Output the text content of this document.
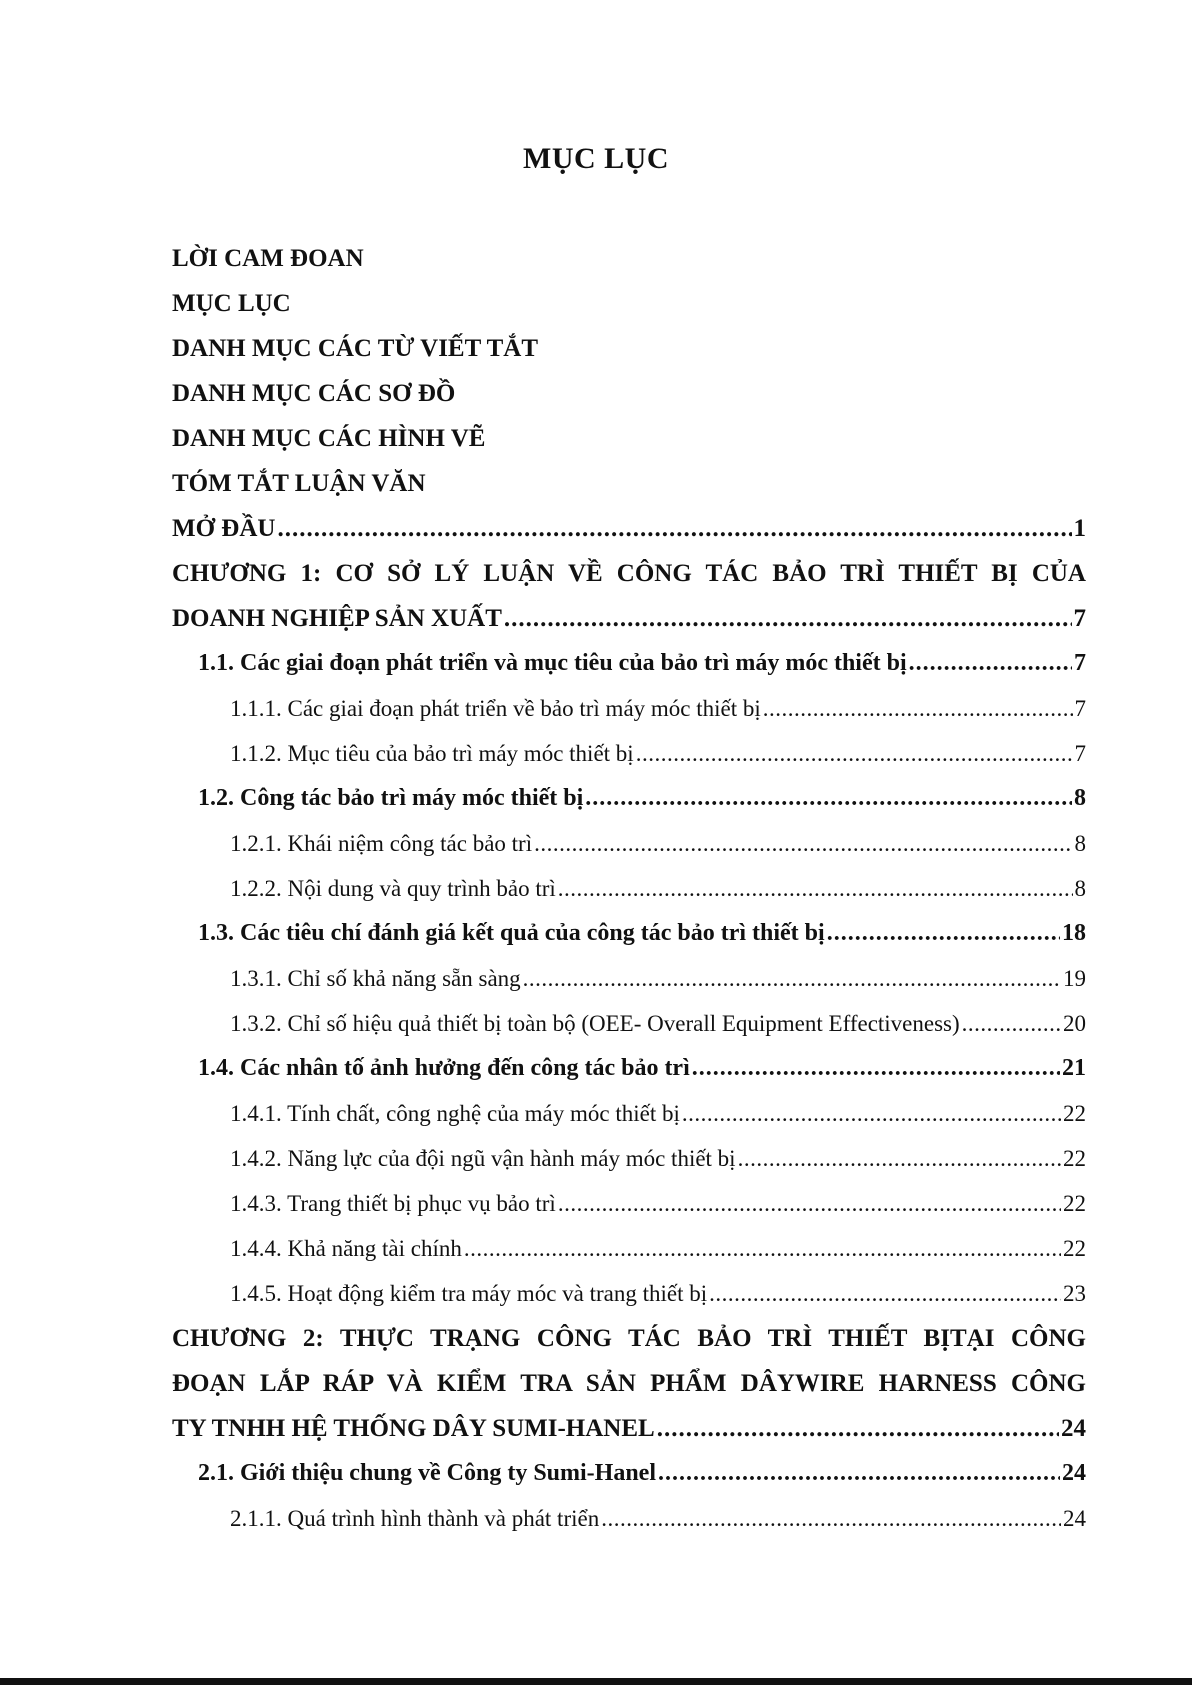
MỤC LỤC
LỜI CAM ĐOAN
MỤC LỤC
DANH MỤC CÁC TỪ VIẾT TẮT
DANH MỤC CÁC SƠ ĐỒ
DANH MỤC CÁC HÌNH VẼ
TÓM TẮT LUẬN VĂN
MỞ ĐẦU .....	1
CHƯƠNG 1: CƠ SỞ LÝ LUẬN VỀ CÔNG TÁC BẢO TRÌ THIẾT BỊ CỦA
DOANH NGHIỆP SẢN XUẤT .....	7
1.1. Các giai đoạn phát triển và mục tiêu của bảo trì máy móc thiết bị .....	7
1.1.1. Các giai đoạn phát triển về bảo trì máy móc thiết bị .....	7
1.1.2. Mục tiêu của bảo trì máy móc thiết bị .....	7
1.2. Công tác bảo trì máy móc thiết bị .....	8
1.2.1. Khái niệm công tác bảo trì .....	8
1.2.2. Nội dung và quy trình bảo trì .....	8
1.3. Các tiêu chí đánh giá kết quả của công tác bảo trì thiết bị .....	18
1.3.1. Chỉ số khả năng sẵn sàng .....	19
1.3.2. Chỉ số hiệu quả thiết bị toàn bộ (OEE- Overall Equipment Effectiveness) .....	20
1.4. Các nhân tố ảnh hưởng đến công tác bảo trì .....	21
1.4.1. Tính chất, công nghệ của máy móc thiết bị .....	22
1.4.2. Năng lực của đội ngũ vận hành máy móc thiết bị .....	22
1.4.3. Trang thiết bị phục vụ bảo trì .....	22
1.4.4. Khả năng tài chính .....	22
1.4.5. Hoạt động kiểm tra máy móc và trang thiết bị .....	23
CHƯƠNG 2: THỰC TRẠNG CÔNG TÁC BẢO TRÌ THIẾT BỊTẠI CÔNG
ĐOẠN LẮP RÁP VÀ KIỂM TRA SẢN PHẨM DÂYWIRE HARNESS CÔNG
TY TNHH HỆ THỐNG DÂY SUMI-HANEL .....	24
2.1. Giới thiệu chung về Công ty Sumi-Hanel .....	24
2.1.1. Quá trình hình thành và phát triển .....	24
